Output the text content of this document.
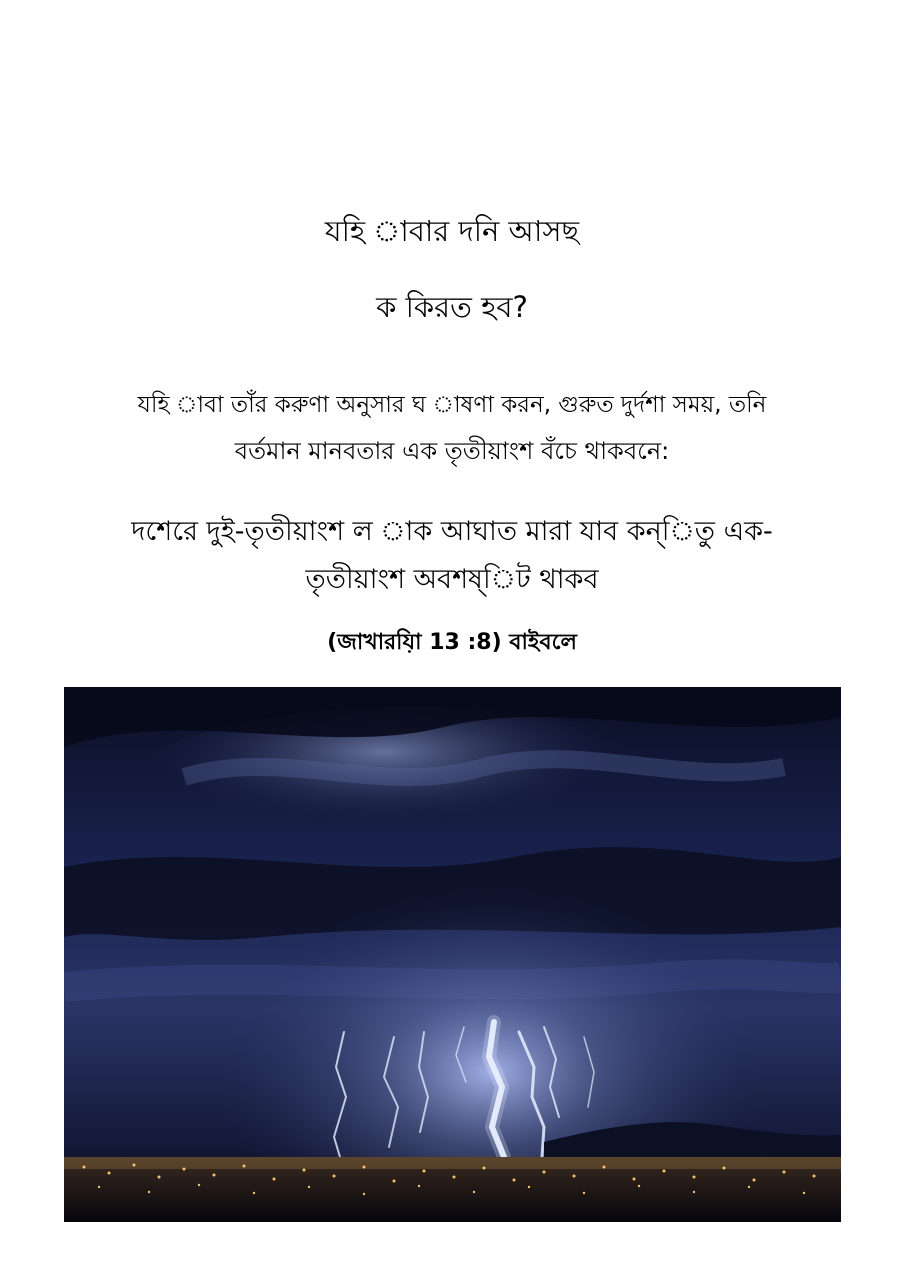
যহি াবার দনি আসছ
ক কিরত হব?
যহি াবা তাঁর করুণা অনুসার ঘ াষণা করন, গুরুত দুর্দশা সময়, তনি
বর্তমান মানবতার এক তৃতীয়াংশ বঁচে থাকবনে:
দশেরে দুই-তৃতীয়াংশ ল াক আঘাত মারা যাব কন্িতু এক-
তৃতীয়াংশ অবশষ্িট থাকব
(জাখারযি়া 13 :8) বাইবলে
